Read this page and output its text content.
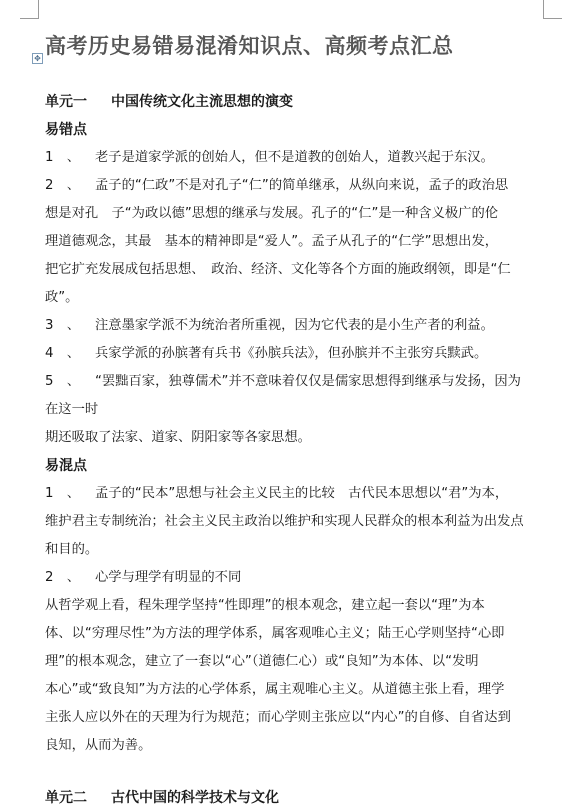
高考历史易错易混淆知识点、高频考点汇总
✥
单元一 中国传统文化主流思想的演变
易错点
1　、 老子是道家学派的创始人，但不是道教的创始人，道教兴起于东汉。
2　、 孟子的“仁政”不是对孔子“仁”的简单继承，从纵向来说，孟子的政治思
想是对孔　子“为政以德”思想的继承与发展。孔子的“仁”是一种含义极广的伦
理道德观念，其最　基本的精神即是“爱人”。孟子从孔子的“仁学”思想出发，
把它扩充发展成包括思想、　政治、经济、文化等各个方面的施政纲领，即是“仁
政”。
3　、 注意墨家学派不为统治者所重视，因为它代表的是小生产者的利益。
4　、 兵家学派的孙膑著有兵书《孙膑兵法》，但孙膑并不主张穷兵黩武。
5　、 “罢黜百家，独尊儒术”并不意味着仅仅是儒家思想得到继承与发扬，因为
在这一时
期还吸取了法家、道家、阴阳家等各家思想。
易混点
1　、 孟子的“民本”思想与社会主义民主的比较　古代民本思想以“君”为本，
维护君主专制统治；社会主义民主政治以维护和实现人民群众的根本利益为出发点
和目的。
2　、 心学与理学有明显的不同
从哲学观上看，程朱理学坚持“性即理”的根本观念，建立起一套以“理”为本
体、以“穷理尽性”为方法的理学体系，属客观唯心主义；陆王心学则坚持“心即
理”的根本观念，建立了一套以“心”（道德仁心）或“良知”为本体、以“发明
本心”或“致良知”为方法的心学体系，属主观唯心主义。从道德主张上看，理学
主张人应以外在的天理为行为规范；而心学则主张应以“内心”的自修、自省达到
良知，从而为善。
单元二 古代中国的科学技术与文化
